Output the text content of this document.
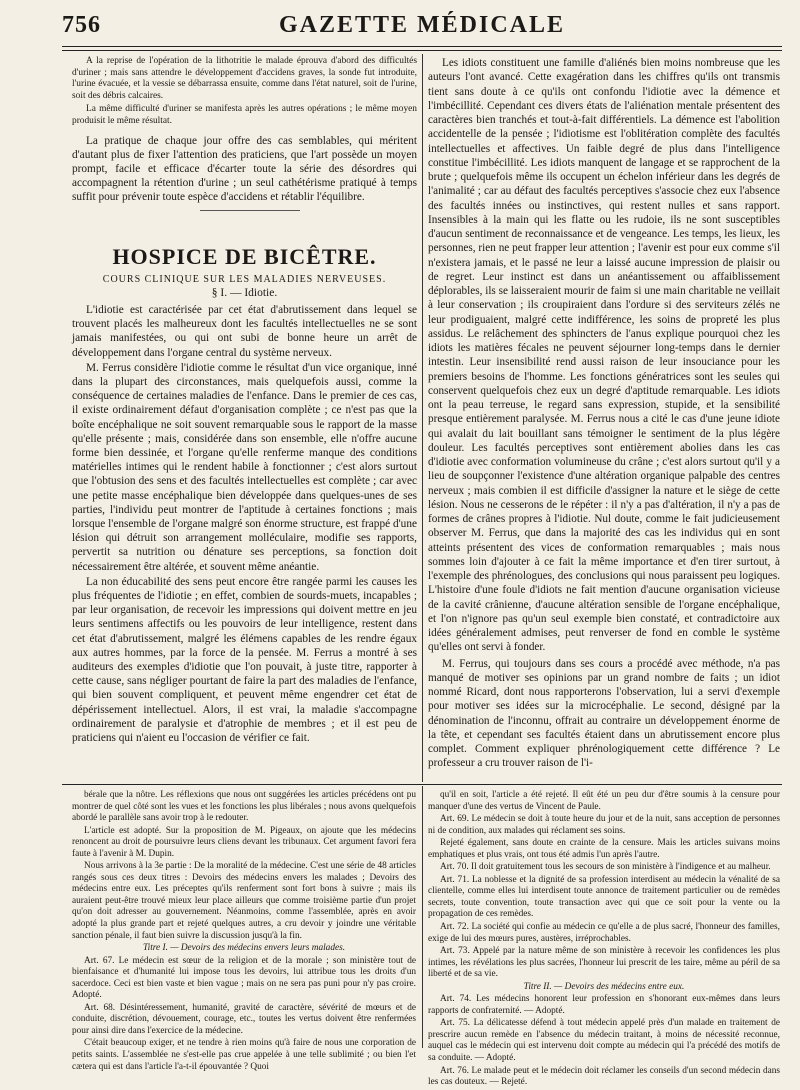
756	GAZETTE MÉDICALE

A la reprise de l'opération de la lithotritie le malade éprouva d'abord des difficultés d'uriner ; mais sans attendre le développement d'accidens graves, la sonde fut introduite, l'urine évacuée, et la vessie se débarrassa ensuite, comme dans l'état naturel, soit de l'urine, soit des débris calcaires.

La même difficulté d'uriner se manifesta après les autres opérations ; le même moyen produisit le même résultat.

La pratique de chaque jour offre des cas semblables, qui méritent d'autant plus de fixer l'attention des praticiens, que l'art possède un moyen prompt, facile et efficace d'écarter toute la série des désordres qui accompagnent la rétention d'urine ; un seul cathétérisme pratiqué à temps suffit pour prévenir toute espèce d'accidens et rétablir l'équilibre.

HOSPICE DE BICÊTRE.
COURS CLINIQUE SUR LES MALADIES NERVEUSES.
§ I. — Idiotie.

L'idiotie est caractérisée par cet état d'abrutissement dans lequel se trouvent placés les malheureux dont les facultés intellectuelles ne se sont jamais manifestées, ou qui ont subi de bonne heure un arrêt de développement dans l'organe central du système nerveux.

M. Ferrus considère l'idiotie comme le résultat d'un vice organique, inné dans la plupart des circonstances, mais quelquefois aussi, comme la conséquence de certaines maladies de l'enfance. Dans le premier de ces cas, il existe ordinairement défaut d'organisation complète ; ce n'est pas que la boîte encéphalique ne soit souvent remarquable sous le rapport de la masse qu'elle présente ; mais, considérée dans son ensemble, elle n'offre aucune forme bien dessinée, et l'organe qu'elle renferme manque des conditions matérielles intimes qui le rendent habile à fonctionner ; c'est alors surtout que l'obtusion des sens et des facultés intellectuelles est complète ; car avec une petite masse encéphalique bien développée dans quelques-unes de ses parties, l'individu peut montrer de l'aptitude à certaines fonctions ; mais lorsque l'ensemble de l'organe malgré son énorme structure, est frappé d'une lésion qui détruit son arrangement molléculaire, modifie ses rapports, pervertit sa nutrition ou dénature ses perceptions, sa fonction doit nécessairement être altérée, et souvent même anéantie.

La non éducabilité des sens peut encore être rangée parmi les causes les plus fréquentes de l'idiotie ; en effet, combien de sourds-muets, incapables ; par leur organisation, de recevoir les impressions qui doivent mettre en jeu leurs sentimens affectifs ou les pouvoirs de leur intelligence, restent dans cet état d'abrutissement, malgré les élémens capables de les rendre égaux aux autres hommes, par la force de la pensée. M. Ferrus a montré à ses auditeurs des exemples d'idiotie que l'on pouvait, à juste titre, rapporter à cette cause, sans négliger pourtant de faire la part des maladies de l'enfance, qui bien souvent compliquent, et peuvent même engendrer cet état de dépérissement intellectuel. Alors, il est vrai, la maladie s'accompagne ordinairement de paralysie et d'atrophie de membres ; et il est peu de praticiens qui n'aient eu l'occasion de vérifier ce fait.

Les idiots constituent une famille d'aliénés bien moins nombreuse que les auteurs l'ont avancé. Cette exagération dans les chiffres qu'ils ont transmis tient sans doute à ce qu'ils ont confondu l'idiotie avec la démence et l'imbécillité. Cependant ces divers états de l'aliénation mentale présentent des caractères bien tranchés et tout-à-fait différentiels. La démence est l'abolition accidentelle de la pensée ; l'idiotisme est l'oblitération complète des facultés intellectuelles et affectives. Un faible degré de plus dans l'intelligence constitue l'imbécillité. Les idiots manquent de langage et se rapprochent de la brute ; quelquefois même ils occupent un échelon inférieur dans les degrés de l'animalité ; car au défaut des facultés perceptives s'associe chez eux l'absence des facultés innées ou instinctives, qui restent nulles et sans rapport. Insensibles à la main qui les flatte ou les rudoie, ils ne sont susceptibles d'aucun sentiment de reconnaissance et de vengeance. Les temps, les lieux, les personnes, rien ne peut frapper leur attention ; l'avenir est pour eux comme s'il n'existera jamais, et le passé ne leur a laissé aucune impression de plaisir ou de regret. Leur instinct est dans un anéantissement ou affaiblissement déplorables, ils se laisseraient mourir de faim si une main charitable ne veillait à leur conservation ; ils croupiraient dans l'ordure si des serviteurs zélés ne leur prodiguaient, malgré cette indifférence, les soins de propreté les plus assidus. Le relâchement des sphincters de l'anus explique pourquoi chez les idiots les matières fécales ne peuvent séjourner long-temps dans le dernier intestin. Leur insensibilité rend aussi raison de leur insouciance pour les premiers besoins de l'homme. Les fonctions génératrices sont les seules qui conservent quelquefois chez eux un degré d'aptitude remarquable. Les idiots ont la peau terreuse, le regard sans expression, stupide, et la sensibilité presque entièrement paralysée. M. Ferrus nous a cité le cas d'une jeune idiote qui avalait du lait bouillant sans témoigner le sentiment de la plus légère douleur. Les facultés perceptives sont entièrement abolies dans les cas d'idiotie avec conformation volumineuse du crâne ; c'est alors surtout qu'il y a lieu de soupçonner l'existence d'une altération organique palpable des centres nerveux ; mais combien il est difficile d'assigner la nature et le siège de cette lésion. Nous ne cesserons de le répéter : il n'y a pas d'altération, il n'y a pas de formes de crânes propres à l'idiotie. Nul doute, comme le fait judicieusement observer M. Ferrus, que dans la majorité des cas les individus qui en sont atteints présentent des vices de conformation remarquables ; mais nous sommes loin d'ajouter à ce fait la même importance et d'en tirer surtout, à l'exemple des phrénologues, des conclusions qui nous paraissent peu logiques. L'histoire d'une foule d'idiots ne fait mention d'aucune organisation vicieuse de la cavité crânienne, d'aucune altération sensible de l'organe encéphalique, et l'on n'ignore pas qu'un seul exemple bien constaté, et contradictoire aux idées généralement admises, peut renverser de fond en comble le système qu'elles ont servi à fonder.

M. Ferrus, qui toujours dans ses cours a procédé avec méthode, n'a pas manqué de motiver ses opinions par un grand nombre de faits ; un idiot nommé Ricard, dont nous rapporterons l'observation, lui a servi d'exemple pour motiver ses idées sur la microcéphalie. Le second, désigné par la dénomination de l'inconnu, offrait au contraire un développement énorme de la tête, et cependant ses facultés étaient dans un abrutissement encore plus complet. Comment expliquer phrénologiquement cette différence ? Le professeur a cru trouver raison de l'i-

bérale que la nôtre. Les réflexions que nous ont suggérées les articles précédens ont pu montrer de quel côté sont les vues et les fonctions les plus libérales ; nous avons quelquefois abordé le parallèle sans avoir trop à le redouter.

L'article est adopté. Sur la proposition de M. Pigeaux, on ajoute que les médecins renoncent au droit de poursuivre leurs cliens devant les tribunaux. Cet argument favori fera faute à l'avenir à M. Dupin.

Nous arrivons à la 3e partie : De la moralité de la médecine. C'est une série de 48 articles rangés sous ces deux titres : Devoirs des médecins envers les malades ; Devoirs des médecins entre eux. Les préceptes qu'ils renferment sont fort bons à suivre ; mais ils auraient peut-être trouvé mieux leur place ailleurs que comme troisième partie d'un projet qu'on doit adresser au gouvernement. Néanmoins, comme l'assemblée, après en avoir adopté la plus grande part et rejeté quelques autres, a cru devoir y joindre une véritable sanction pénale, il faut bien suivre la discussion jusqu'à la fin.

Titre I. — Devoirs des médecins envers leurs malades.

Art. 67. Le médecin est sœur de la religion et de la morale ; son ministère tout de bienfaisance et d'humanité lui impose tous les devoirs, lui attribue tous les droits d'un sacerdoce. Ceci est bien vaste et bien vague ; mais on ne sera pas puni pour n'y pas croire. Adopté.

Art. 68. Désintéressement, humanité, gravité de caractère, sévérité de mœurs et de conduite, discrétion, dévouement, courage, etc., toutes les vertus doivent être renfermées pour ainsi dire dans l'exercice de la médecine.

C'était beaucoup exiger, et ne tendre à rien moins qu'à faire de nous une corporation de petits saints. L'assemblée ne s'est-elle pas crue appelée à une telle sublimité ; ou bien l'et cætera qui est dans l'article l'a-t-il épouvantée ? Quoi

qu'il en soit, l'article a été rejeté. Il eût été un peu dur d'être soumis à la censure pour manquer d'une des vertus de Vincent de Paule.

Art. 69. Le médecin se doit à toute heure du jour et de la nuit, sans acception de personnes ni de condition, aux malades qui réclament ses soins.

Rejeté également, sans doute en crainte de la censure. Mais les articles suivans moins emphatiques et plus vrais, ont tous été admis l'un après l'autre.

Art. 70. Il doit gratuitement tous les secours de son ministère à l'indigence et au malheur.

Art. 71. La noblesse et la dignité de sa profession interdisent au médecin la vénalité de sa clientelle, comme elles lui interdisent toute annonce de traitement particulier ou de remèdes secrets, toute convention, toute transaction avec qui que ce soit pour la vente ou la propagation de ces remèdes.

Art. 72. La société qui confie au médecin ce qu'elle a de plus sacré, l'honneur des familles, exige de lui des mœurs pures, austères, irréprochables.

Art. 73. Appelé par la nature même de son ministère à recevoir les confidences les plus intimes, les révélations les plus sacrées, l'honneur lui prescrit de les taire, même au péril de sa liberté et de sa vie.

Titre II. — Devoirs des médecins entre eux.

Art. 74. Les médecins honorent leur profession en s'honorant eux-mêmes dans leurs rapports de confraternité. — Adopté.

Art. 75. La délicatesse défend à tout médecin appelé près d'un malade en traitement de prescrire aucun remède en l'absence du médecin traitant, à moins de nécessité reconnue, auquel cas le médecin qui est intervenu doit compte au médecin qui l'a précédé des motifs de sa conduite. — Adopté.

Art. 76. Le malade peut et le médecin doit réclamer les conseils d'un second médecin dans les cas douteux. — Rejeté.
